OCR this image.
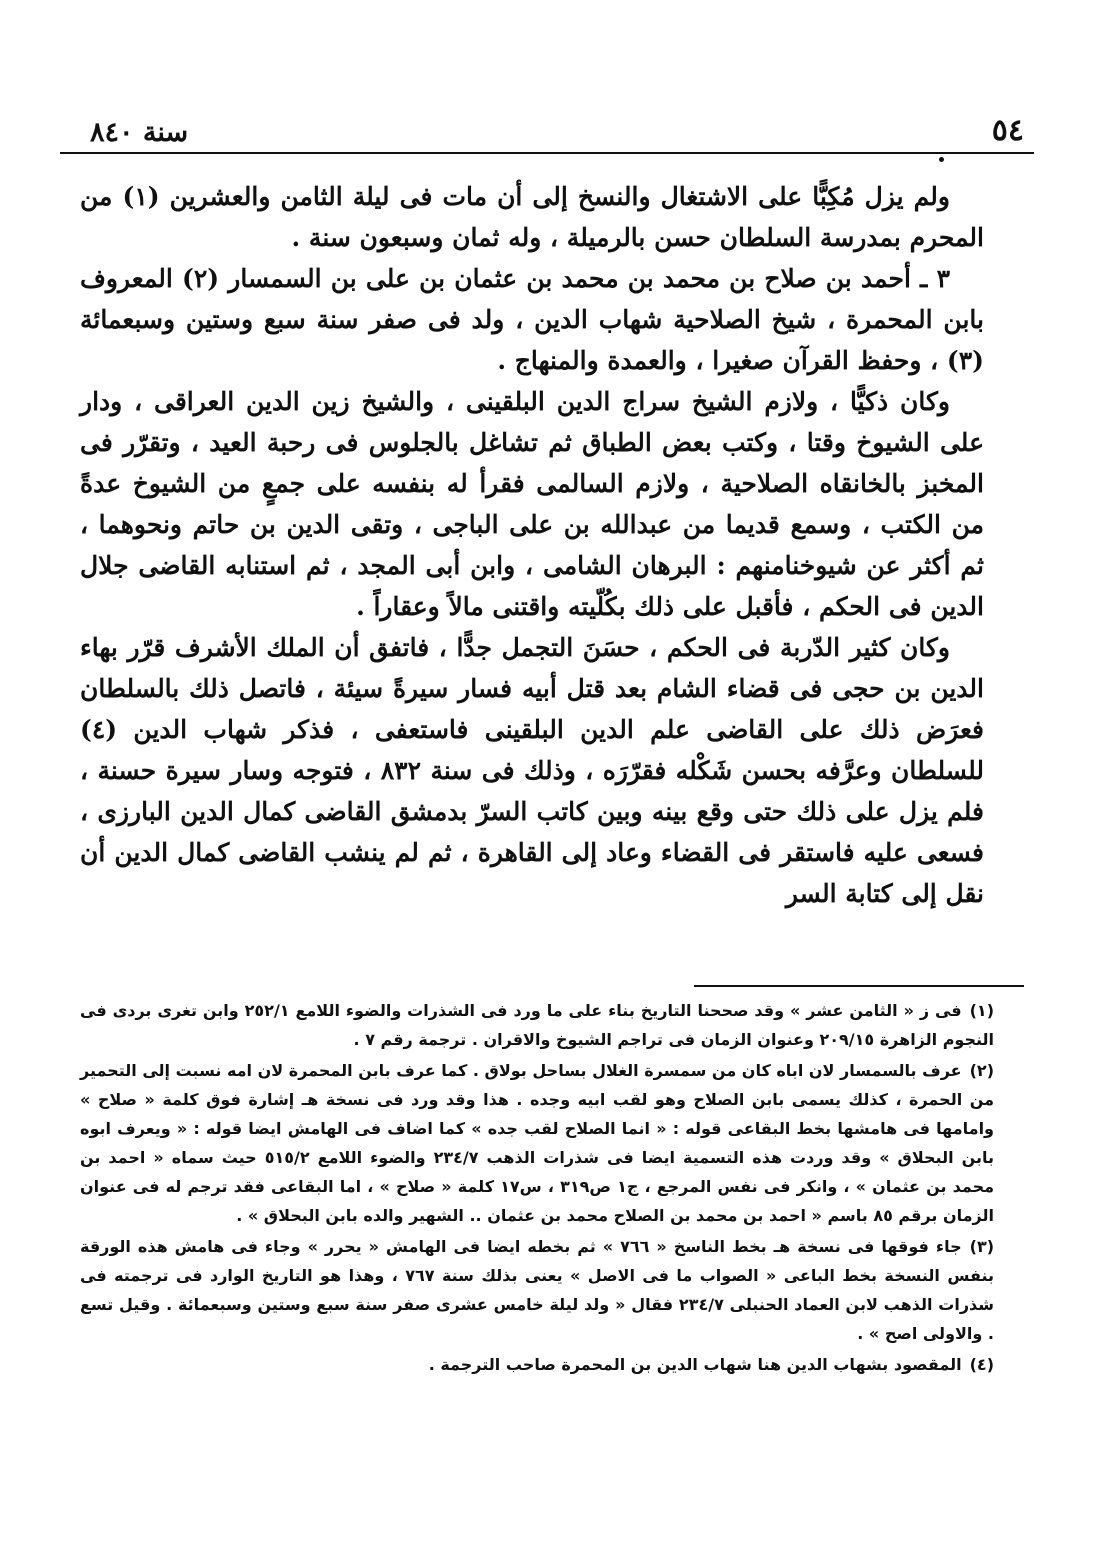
٥٤
سنة ٨٤٠

ولم يزل مُكِبًّا على الاشتغال والنسخ إلى أن مات فى ليلة الثامن والعشرين (١) من المحرم بمدرسة السلطان حسن بالرميلة ، وله ثمان وسبعون سنة .

٣ ـ أحمد بن صلاح بن محمد بن محمد بن عثمان بن على بن السمسار (٢) المعروف بابن المحمرة ، شيخ الصلاحية شهاب الدين ، ولد فى صفر سنة سبع وستين وسبعمائة (٣) ، وحفظ القرآن صغيرا ، والعمدة والمنهاج .

وكان ذكيًّا ، ولازم الشيخ سراج الدين البلقينى ، والشيخ زين الدين العراقى ، ودار على الشيوخ وقتا ، وكتب بعض الطباق ثم تشاغل بالجلوس فى رحبة العيد ، وتقرّر فى المخبز بالخانقاه الصلاحية ، ولازم السالمى فقرأ له بنفسه على جمعٍ من الشيوخ عدةً من الكتب ، وسمع قديما من عبدالله بن على الباجى ، وتقى الدين بن حاتم ونحوهما ، ثم أكثر عن شيوخنامنهم : البرهان الشامى ، وابن أبى المجد ، ثم استنابه القاضى جلال الدين فى الحكم ، فأقبل على ذلك بكُلّيته واقتنى مالاً وعقاراً .

وكان كثير الدّربة فى الحكم ، حسَنَ التجمل جدًّا ، فاتفق أن الملك الأشرف قرّر بهاء الدين بن حجى فى قضاء الشام بعد قتل أبيه فسار سيرةً سيئة ، فاتصل ذلك بالسلطان فعرَض ذلك على القاضى علم الدين البلقينى فاستعفى ، فذكر شهاب الدين (٤) للسلطان وعرَّفه بحسن شَكْله فقرّرَه ، وذلك فى سنة ٨٣٢ ، فتوجه وسار سيرة حسنة ، فلم يزل على ذلك حتى وقع بينه وبين كاتب السرّ بدمشق القاضى كمال الدين البارزى ، فسعى عليه فاستقر فى القضاء وعاد إلى القاهرة ، ثم لم ينشب القاضى كمال الدين أن نقل إلى كتابة السر

(١)فى ز « الثامن عشر » وقد صححنا التاريخ بناء على ما ورد فى الشذرات والضوء اللامع ٢٥٢/١ وابن تغرى بردى فى النجوم الزاهرة ٢٠٩/١٥ وعنوان الزمان فى تراجم الشيوخ والاقران . ترجمة رقم ٧ .

(٢)عرف بالسمسار لان اباه كان من سمسرة الغلال بساحل بولاق . كما عرف بابن المحمرة لان امه نسبت إلى التحمير من الحمرة ، كذلك يسمى بابن الصلاح وهو لقب ابيه وجده . هذا وقد ورد فى نسخة هـ إشارة فوق كلمة « صلاح » وامامها فى هامشها بخط البقاعى قوله : « انما الصلاح لقب جده » كما اضاف فى الهامش ايضا قوله : « ويعرف ابوه بابن البحلاق » وقد وردت هذه التسمية ايضا فى شذرات الذهب ٢٣٤/٧ والضوء اللامع ٥١٥/٢ حيث سماه « احمد بن محمد بن عثمان » ، وانكر فى نفس المرجع ، ج١ ص٣١٩ ، س١٧ كلمة « صلاح » ، اما البقاعى فقد ترجم له فى عنوان الزمان برقم ٨٥ باسم « احمد بن محمد بن الصلاح محمد بن عثمان .. الشهير والده بابن البحلاق » .

(٣)جاء فوقها فى نسخة هـ بخط الناسخ « ٧٦٦ » ثم بخطه ايضا فى الهامش « يحرر » وجاء فى هامش هذه الورقة بنفس النسخة بخط الباعى « الصواب ما فى الاصل » يعنى بذلك سنة ٧٦٧ ، وهذا هو التاريخ الوارد فى ترجمته فى شذرات الذهب لابن العماد الحنبلى ٢٣٤/٧ فقال « ولد ليلة خامس عشرى صفر سنة سبع وستين وسبعمائة . وقيل تسع . والاولى اصح » .

(٤)المقصود بشهاب الدين هنا شهاب الدين بن المحمرة صاحب الترجمة .
